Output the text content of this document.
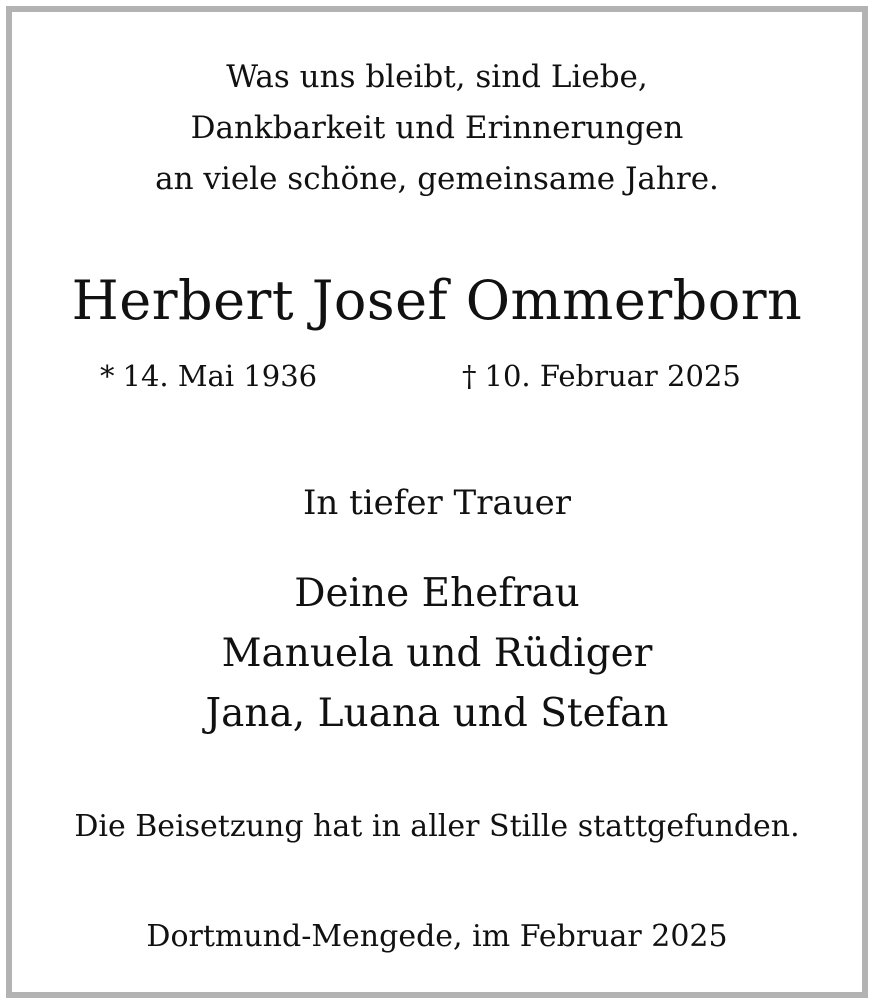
Was uns bleibt, sind Liebe,
Dankbarkeit und Erinnerungen
an viele schöne, gemeinsame Jahre.
Herbert Josef Ommerborn
* 14. Mai 1936	† 10. Februar 2025
In tiefer Trauer
Deine Ehefrau
Manuela und Rüdiger
Jana, Luana und Stefan
Die Beisetzung hat in aller Stille stattgefunden.
Dortmund-Mengede, im Februar 2025
